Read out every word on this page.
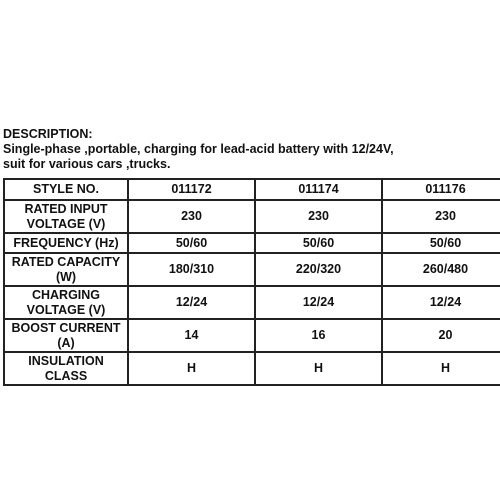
DESCRIPTION:
Single-phase ,portable, charging for lead-acid battery with 12/24V,
suit for various cars ,trucks.
STYLE NO.	011172	011174	011176

RATED INPUT
VOLTAGE (V)	230	230	230

FREQUENCY (Hz)	50/60	50/60	50/60

RATED CAPACITY
(W)	180/310	220/320	260/480

CHARGING
VOLTAGE (V)	12/24	12/24	12/24

BOOST CURRENT
(A)	14	16	20

INSULATION
CLASS	H	H	H
